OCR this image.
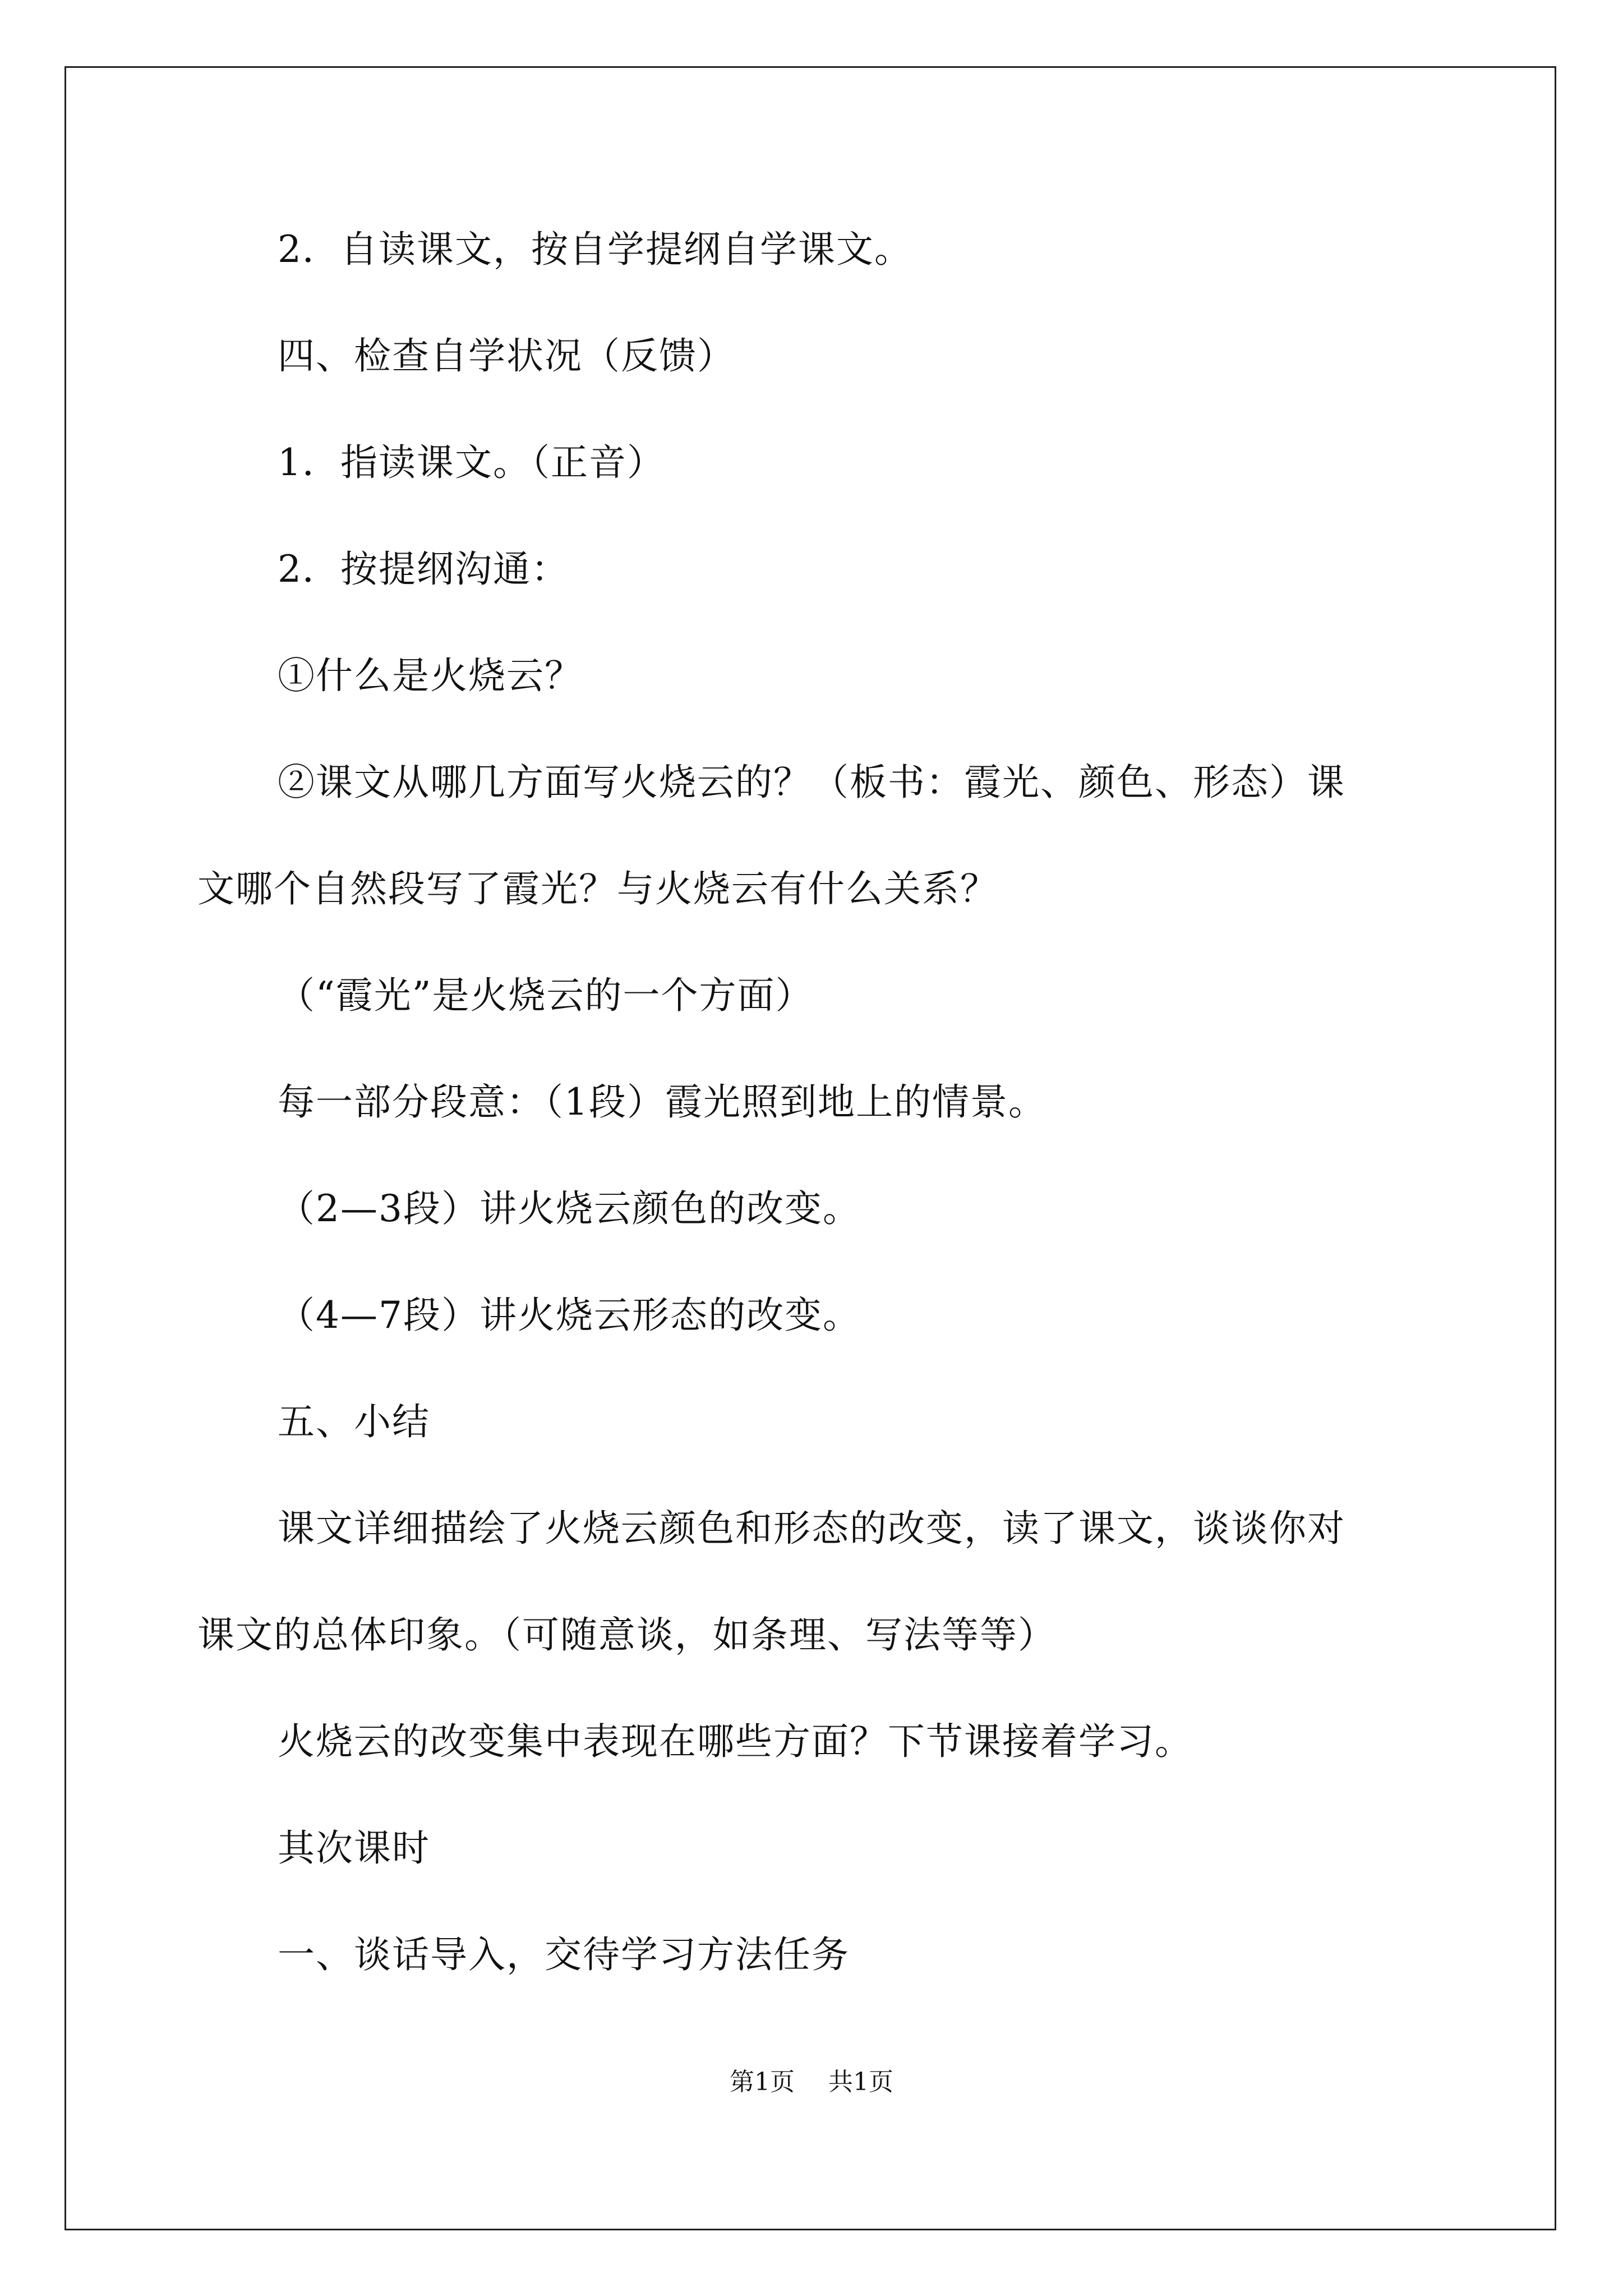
2．自读课文，按自学提纲自学课文。
四、检查自学状况（反馈）
1．指读课文。（正音）
2．按提纲沟通：
①什么是火烧云？
②课文从哪几方面写火烧云的？（板书：霞光、颜色、形态）课
文哪个自然段写了霞光？与火烧云有什么关系？
（“霞光”是火烧云的一个方面）
每一部分段意：（1段）霞光照到地上的情景。
（2—3段）讲火烧云颜色的改变。
（4—7段）讲火烧云形态的改变。
五、小结
课文详细描绘了火烧云颜色和形态的改变，读了课文，谈谈你对
课文的总体印象。（可随意谈，如条理、写法等等）
火烧云的改变集中表现在哪些方面？下节课接着学习。
其次课时
一、谈话导入，交待学习方法任务
第1页 共1页
